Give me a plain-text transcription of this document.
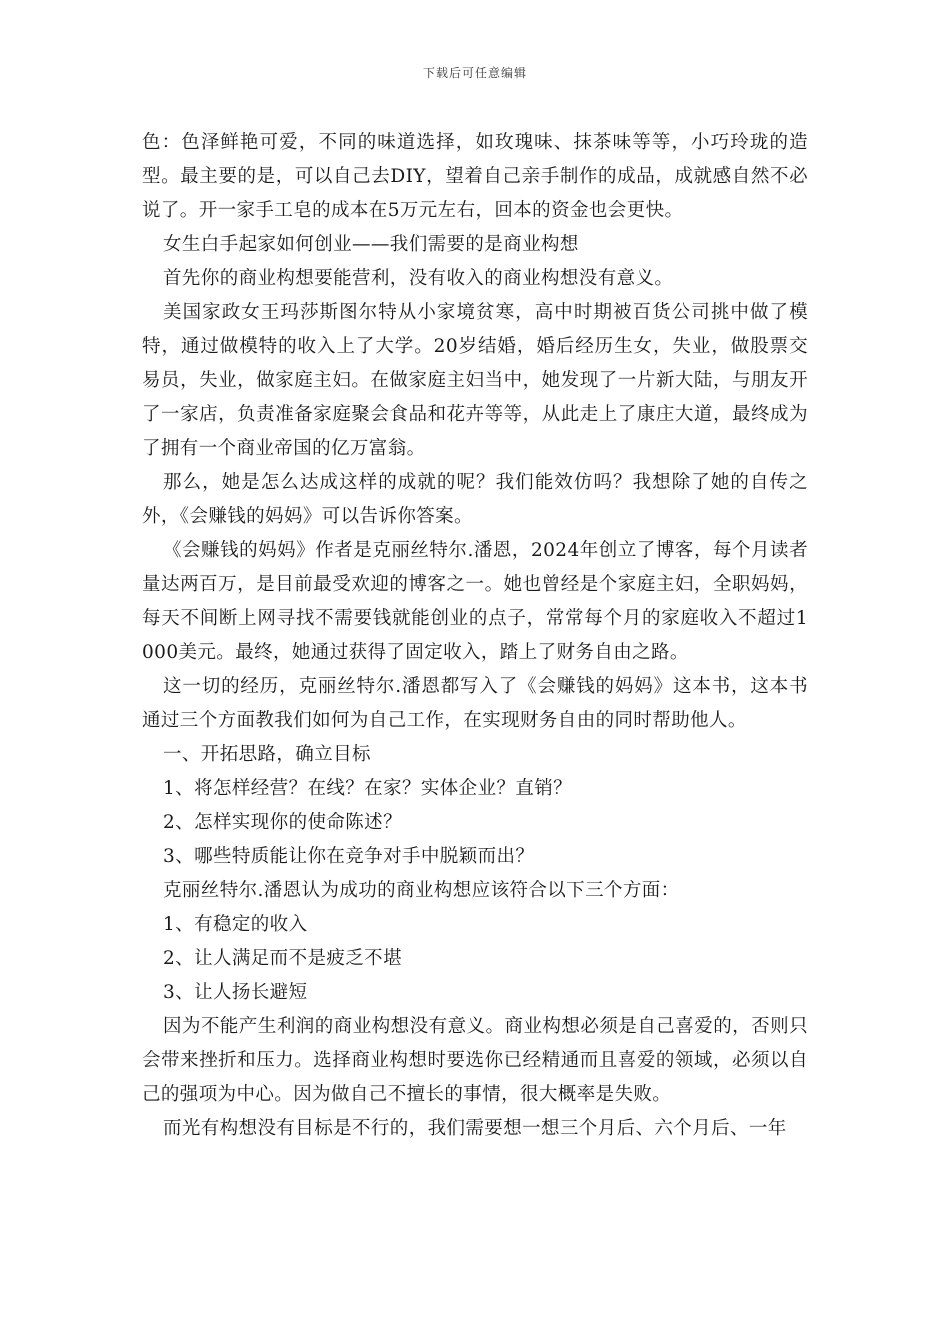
下载后可任意编辑

色：色泽鲜艳可爱，不同的味道选择，如玫瑰味、抹茶味等等，小巧玲珑的造型。最主要的是，可以自己去DIY，望着自己亲手制作的成品，成就感自然不必说了。开一家手工皂的成本在5万元左右，回本的资金也会更快。

女生白手起家如何创业——我们需要的是商业构想

首先你的商业构想要能营利，没有收入的商业构想没有意义。

美国家政女王玛莎斯图尔特从小家境贫寒，高中时期被百货公司挑中做了模特，通过做模特的收入上了大学。20岁结婚，婚后经历生女，失业，做股票交易员，失业，做家庭主妇。在做家庭主妇当中，她发现了一片新大陆，与朋友开了一家店，负责准备家庭聚会食品和花卉等等，从此走上了康庄大道，最终成为了拥有一个商业帝国的亿万富翁。

那么，她是怎么达成这样的成就的呢？我们能效仿吗？我想除了她的自传之外，《会赚钱的妈妈》可以告诉你答案。

《会赚钱的妈妈》作者是克丽丝特尔.潘恩，2024年创立了博客，每个月读者量达两百万，是目前最受欢迎的博客之一。她也曾经是个家庭主妇，全职妈妈，每天不间断上网寻找不需要钱就能创业的点子，常常每个月的家庭收入不超过1000美元。最终，她通过获得了固定收入，踏上了财务自由之路。

这一切的经历，克丽丝特尔.潘恩都写入了《会赚钱的妈妈》这本书，这本书通过三个方面教我们如何为自己工作，在实现财务自由的同时帮助他人。

一、开拓思路，确立目标

1、将怎样经营？在线？在家？实体企业？直销？

2、怎样实现你的使命陈述？

3、哪些特质能让你在竞争对手中脱颖而出？

克丽丝特尔.潘恩认为成功的商业构想应该符合以下三个方面：

1、有稳定的收入

2、让人满足而不是疲乏不堪

3、让人扬长避短

因为不能产生利润的商业构想没有意义。商业构想必须是自己喜爱的，否则只会带来挫折和压力。选择商业构想时要选你已经精通而且喜爱的领域，必须以自己的强项为中心。因为做自己不擅长的事情，很大概率是失败。

而光有构想没有目标是不行的，我们需要想一想三个月后、六个月后、一年
